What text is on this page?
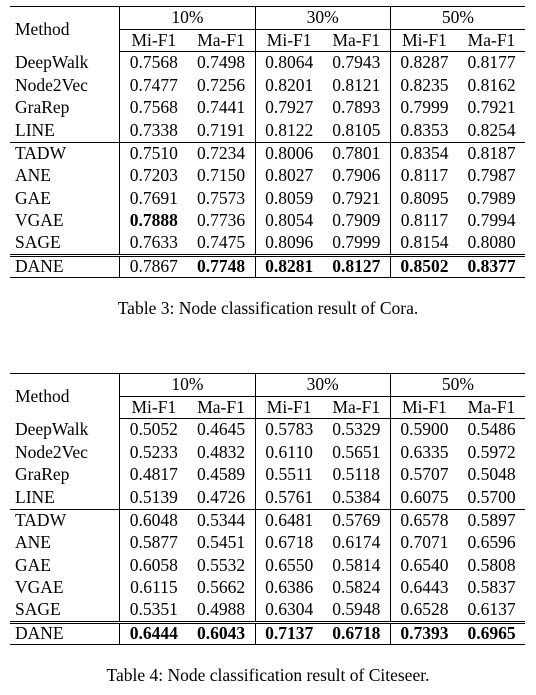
Method	10%		30%		50%	
	Mi-F1	Ma-F1	Mi-F1	Ma-F1	Mi-F1	Ma-F1
DeepWalk	0.7568	0.7498	0.8064	0.7943	0.8287	0.8177
Node2Vec	0.7477	0.7256	0.8201	0.8121	0.8235	0.8162
GraRep	0.7568	0.7441	0.7927	0.7893	0.7999	0.7921
LINE	0.7338	0.7191	0.8122	0.8105	0.8353	0.8254
TADW	0.7510	0.7234	0.8006	0.7801	0.8354	0.8187
ANE	0.7203	0.7150	0.8027	0.7906	0.8117	0.7987
GAE	0.7691	0.7573	0.8059	0.7921	0.8095	0.7989
VGAE	0.7888	0.7736	0.8054	0.7909	0.8117	0.7994
SAGE	0.7633	0.7475	0.8096	0.7999	0.8154	0.8080
DANE	0.7867	0.7748	0.8281	0.8127	0.8502	0.8377
Table 3: Node classification result of Cora.
Method	10%		30%		50%	
	Mi-F1	Ma-F1	Mi-F1	Ma-F1	Mi-F1	Ma-F1
DeepWalk	0.5052	0.4645	0.5783	0.5329	0.5900	0.5486
Node2Vec	0.5233	0.4832	0.6110	0.5651	0.6335	0.5972
GraRep	0.4817	0.4589	0.5511	0.5118	0.5707	0.5048
LINE	0.5139	0.4726	0.5761	0.5384	0.6075	0.5700
TADW	0.6048	0.5344	0.6481	0.5769	0.6578	0.5897
ANE	0.5877	0.5451	0.6718	0.6174	0.7071	0.6596
GAE	0.6058	0.5532	0.6550	0.5814	0.6540	0.5808
VGAE	0.6115	0.5662	0.6386	0.5824	0.6443	0.5837
SAGE	0.5351	0.4988	0.6304	0.5948	0.6528	0.6137
DANE	0.6444	0.6043	0.7137	0.6718	0.7393	0.6965
Table 4: Node classification result of Citeseer.
